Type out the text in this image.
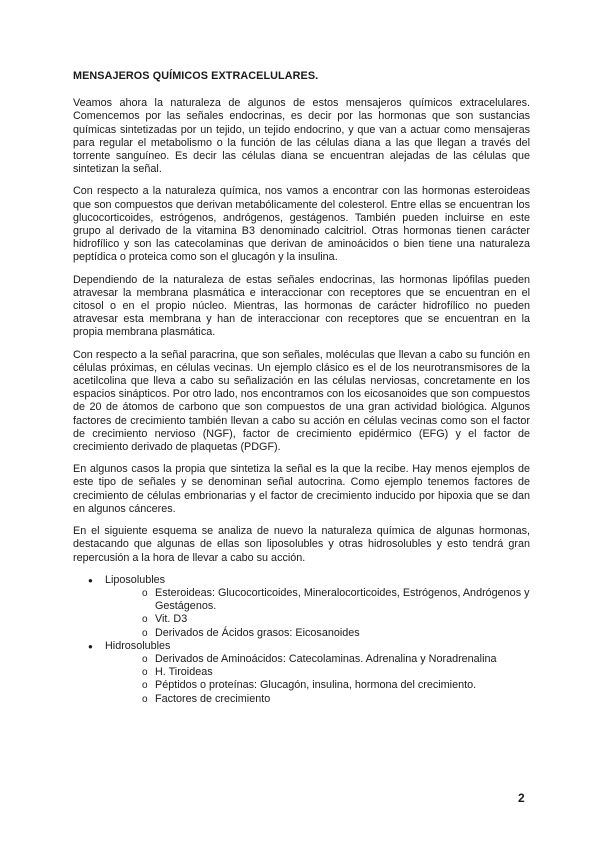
MENSAJEROS QUÍMICOS EXTRACELULARES.

Veamos ahora la naturaleza de algunos de estos mensajeros químicos extracelulares. Comencemos por las señales endocrinas, es decir por las hormonas que son sustancias químicas sintetizadas por un tejido, un tejido endocrino, y que van a actuar como mensajeras para regular el metabolismo o la función de las células diana a las que llegan a través del torrente sanguíneo. Es decir las células diana se encuentran alejadas de las células que sintetizan la señal.

Con respecto a la naturaleza química, nos vamos a encontrar con las hormonas esteroideas que son compuestos que derivan metabólicamente del colesterol. Entre ellas se encuentran los glucocorticoides, estrógenos, andrógenos, gestágenos. También pueden incluirse en este grupo al derivado de la vitamina B3 denominado calcitriol. Otras hormonas tienen carácter hidrofílico y son las catecolaminas que derivan de aminoácidos o bien tiene una naturaleza peptídica o proteica como son el glucagón y la insulina.

Dependiendo de la naturaleza de estas señales endocrinas, las hormonas lipófilas pueden atravesar la membrana plasmática e interaccionar con receptores que se encuentran en el citosol o en el propio núcleo. Mientras, las hormonas de carácter hidrofílico no pueden atravesar esta membrana y han de interaccionar con receptores que se encuentran en la propia membrana plasmática.

Con respecto a la señal paracrina, que son señales, moléculas que llevan a cabo su función en células próximas, en células vecinas. Un ejemplo clásico es el de los neurotransmisores de la acetilcolina que lleva a cabo su señalización en las células nerviosas, concretamente en los espacios sinápticos. Por otro lado, nos encontramos con los eicosanoides que son compuestos de 20 de átomos de carbono que son compuestos de una gran actividad biológica. Algunos factores de crecimiento también llevan a cabo su acción en células vecinas como son el factor de crecimiento nervioso (NGF), factor de crecimiento epidérmico (EFG) y el factor de crecimiento derivado de plaquetas (PDGF).

En algunos casos la propia que sintetiza la señal es la que la recibe. Hay menos ejemplos de este tipo de señales y se denominan señal autocrina. Como ejemplo tenemos factores de crecimiento de células embrionarias y el factor de crecimiento inducido por hipoxia que se dan en algunos cánceres.

En el siguiente esquema se analiza de nuevo la naturaleza química de algunas hormonas, destacando que algunas de ellas son liposolubles y otras hidrosolubles y esto tendrá gran repercusión a la hora de llevar a cabo su acción.

●
Liposolubles
o Esteroideas: Glucocorticoides, Mineralocorticoides, Estrógenos, Andrógenos y Gestágenos.
o Vit. D3
o Derivados de Ácidos grasos: Eicosanoides
●
Hidrosolubles
o Derivados de Aminoácidos: Catecolaminas. Adrenalina y Noradrenalina
o H. Tiroideas
o Péptidos o proteínas: Glucagón, insulina, hormona del crecimiento.
o Factores de crecimiento
2
